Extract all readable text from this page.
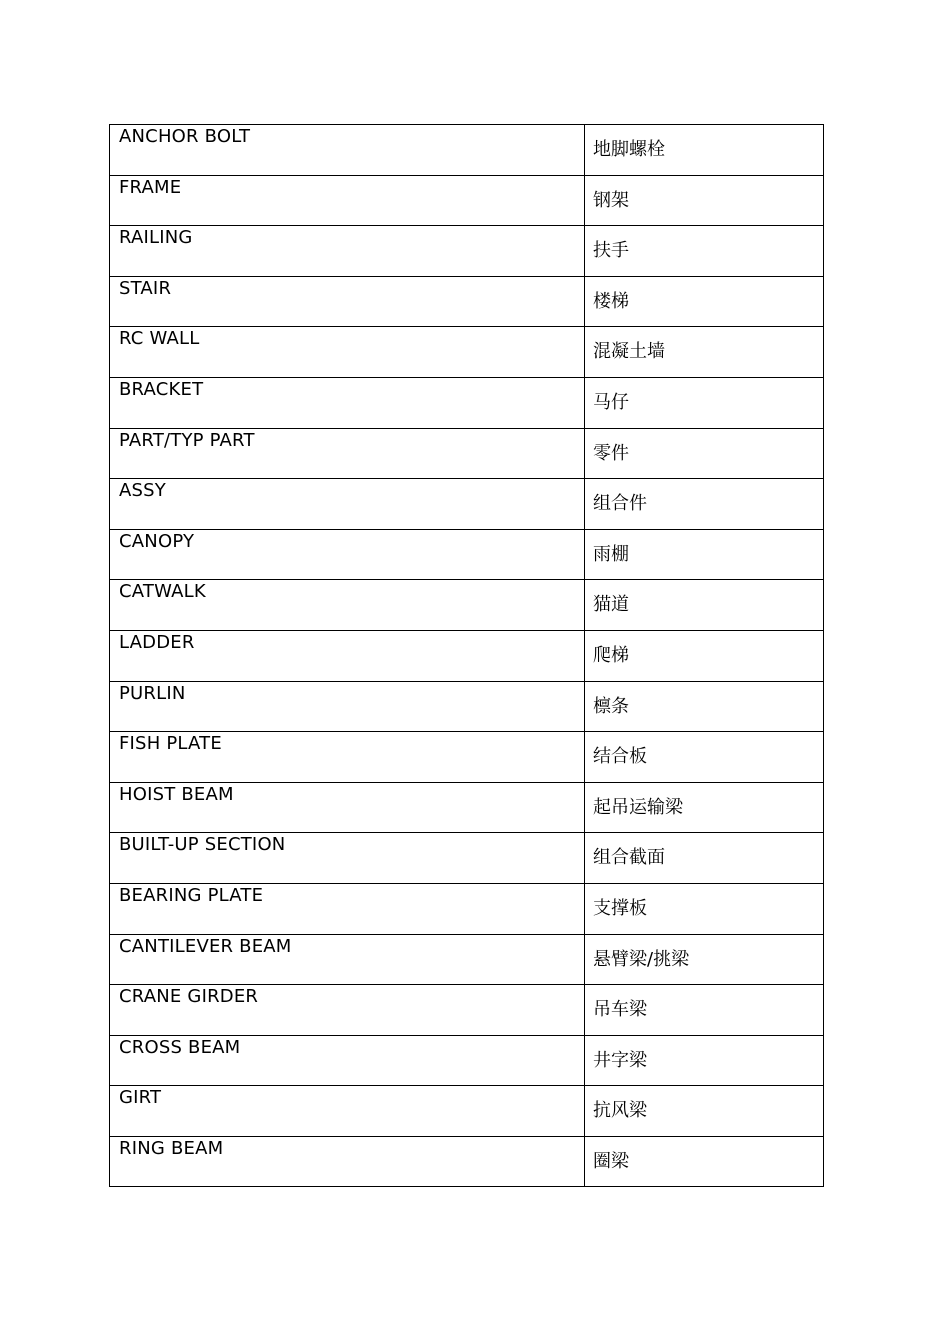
ANCHOR BOLT	地脚螺栓

FRAME	钢架

RAILING	扶手

STAIR	楼梯

RC WALL	混凝土墙

BRACKET	马仔

PART/TYP PART	零件

ASSY	组合件

CANOPY	雨棚

CATWALK	猫道

LADDER	爬梯

PURLIN	檩条

FISH PLATE	结合板

HOIST BEAM	起吊运输梁

BUILT-UP SECTION	组合截面

BEARING PLATE	支撑板

CANTILEVER BEAM	悬臂梁/挑梁

CRANE GIRDER	吊车梁

CROSS BEAM	井字梁

GIRT	抗风梁

RING BEAM	圈梁
